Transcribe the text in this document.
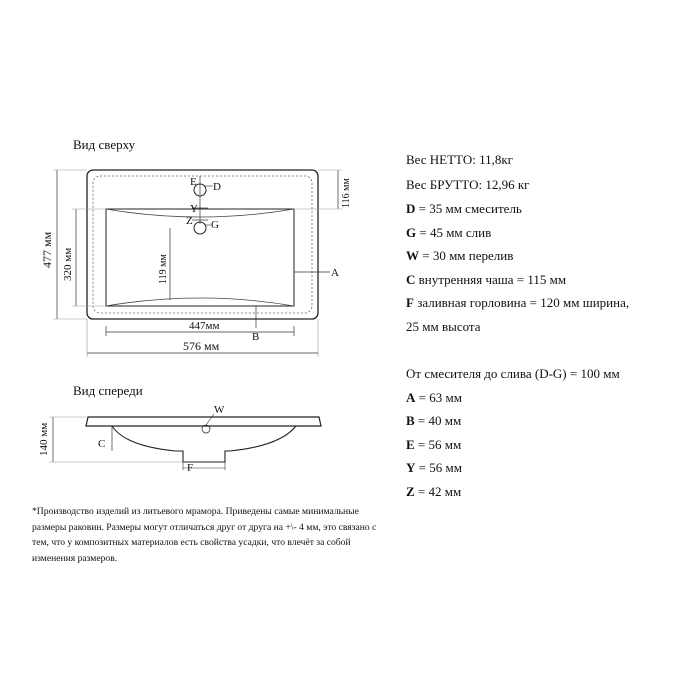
Вид сверху
Вид спереди
E D
Y
Z G
A
B
119 мм
447мм
576 мм
477 мм 320 мм
116 мм
W
C
F
140 мм
Вес НЕТТО: 11,8кг
Вес БРУТТО: 12,96 кг
D = 35 мм смеситель
G = 45 мм слив
W = 30 мм перелив
C внутренняя чаша = 115 мм
F заливная горловина = 120 мм ширина,
25 мм высота
От смесителя до слива (D-G) = 100 мм
A = 63 мм
B = 40 мм
E = 56 мм
Y = 56 мм
Z = 42 мм
*Производство изделий из литьевого мрамора. Приведены самые минимальные размеры раковин. Размеры могут отличаться друг от друга на +\- 4 мм, это связано с тем, что у композитных материалов есть свойства усадки, что влечёт за собой изменения размеров.
